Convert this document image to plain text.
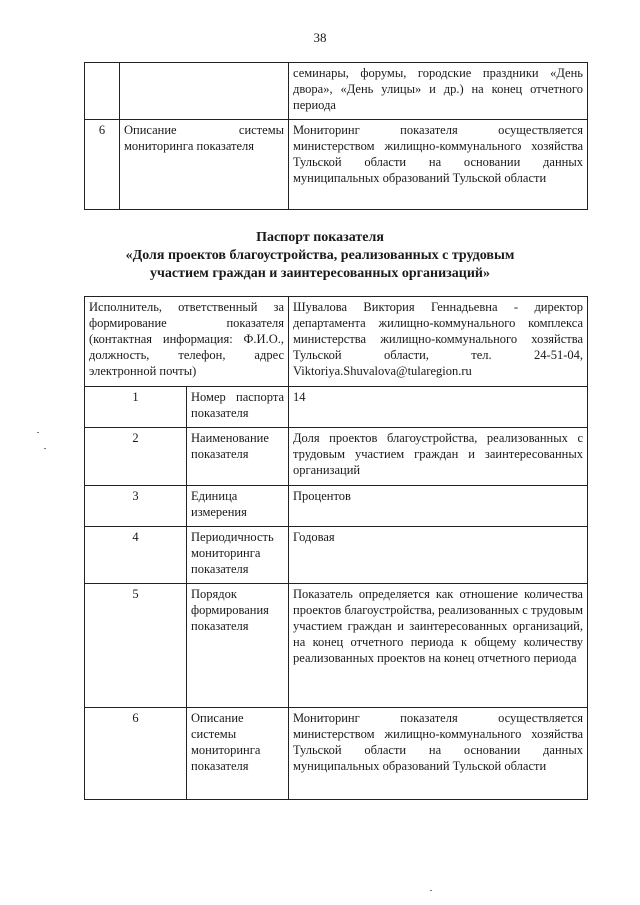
38
		семинары, форумы, городские праздники «День двора», «День улицы» и др.) на конец отчетного периода
6	Описание системы мониторинга показателя	Мониторинг показателя осуществляется министерством жилищно-коммунального хозяйства Тульской области на основании данных муниципальных образований Тульской области
Паспорт показателя
«Доля проектов благоустройства, реализованных с трудовым
участием граждан и заинтересованных организаций»
Исполнитель, ответственный за формирование показателя (контактная информация: Ф.И.О., должность, телефон, адрес электронной почты)		Шувалова Виктория Геннадьевна - директор департамента жилищно-коммунального комплекса министерства жилищно-коммунального хозяйства Тульской области, тел. 24-51-04, Viktoriya.Shuvalova@tularegion.ru
1	Номер паспорта показателя	14
2	Наименование показателя	Доля проектов благоустройства, реализованных с трудовым участием граждан и заинтересованных организаций
3	Единица измерения	Процентов
4	Периодичность мониторинга показателя	Годовая
5	Порядок формирования показателя	Показатель определяется как отношение количества проектов благоустройства, реализованных с трудовым участием граждан и заинтересованных организаций, на конец отчетного периода к общему количеству реализованных проектов на конец отчетного периода
6	Описание системы мониторинга показателя	Мониторинг показателя осуществляется министерством жилищно-коммунального хозяйства Тульской области на основании данных муниципальных образований Тульской области
